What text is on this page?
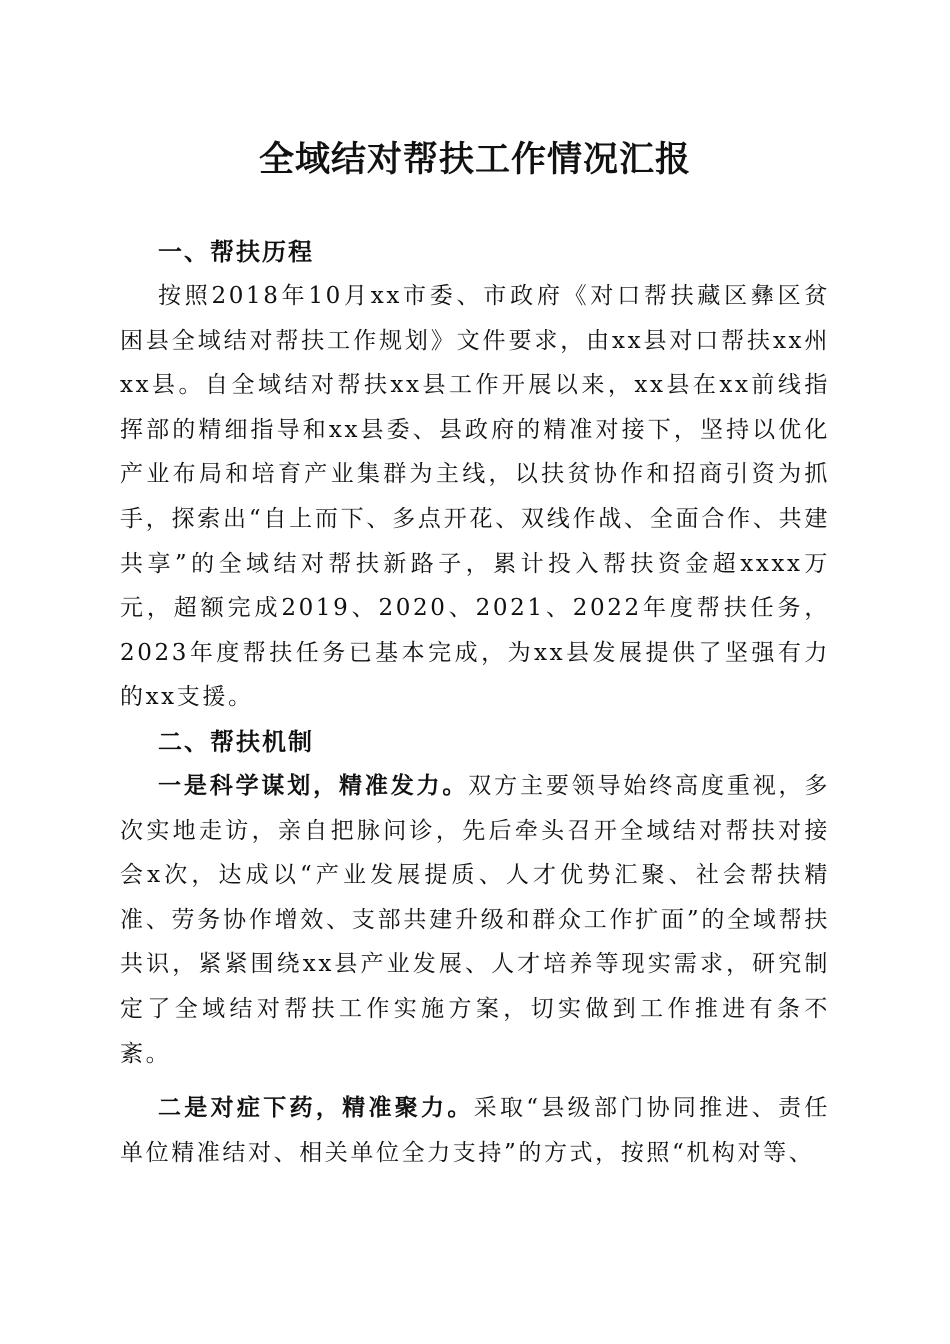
全域结对帮扶工作情况汇报
一、帮扶历程

按照2018年10月xx市委、市政府《对口帮扶藏区彝区贫困县全域结对帮扶工作规划》文件要求，由xx县对口帮扶xx州xx县。自全域结对帮扶xx县工作开展以来，xx县在xx前线指挥部的精细指导和xx县委、县政府的精准对接下，坚持以优化产业布局和培育产业集群为主线，以扶贫协作和招商引资为抓手，探索出“自上而下、多点开花、双线作战、全面合作、共建共享”的全域结对帮扶新路子，累计投入帮扶资金超xxxx万元，超额完成2019、2020、2021、2022年度帮扶任务，2023年度帮扶任务已基本完成，为xx县发展提供了坚强有力的xx支援。

二、帮扶机制

一是科学谋划，精准发力。双方主要领导始终高度重视，多次实地走访，亲自把脉问诊，先后牵头召开全域结对帮扶对接会x次，达成以“产业发展提质、人才优势汇聚、社会帮扶精准、劳务协作增效、支部共建升级和群众工作扩面”的全域帮扶共识，紧紧围绕xx县产业发展、人才培养等现实需求，研究制定了全域结对帮扶工作实施方案，切实做到工作推进有条不紊。

二是对症下药，精准聚力。采取“县级部门协同推进、责任单位精准结对、相关单位全力支持”的方式，按照“机构对等、
